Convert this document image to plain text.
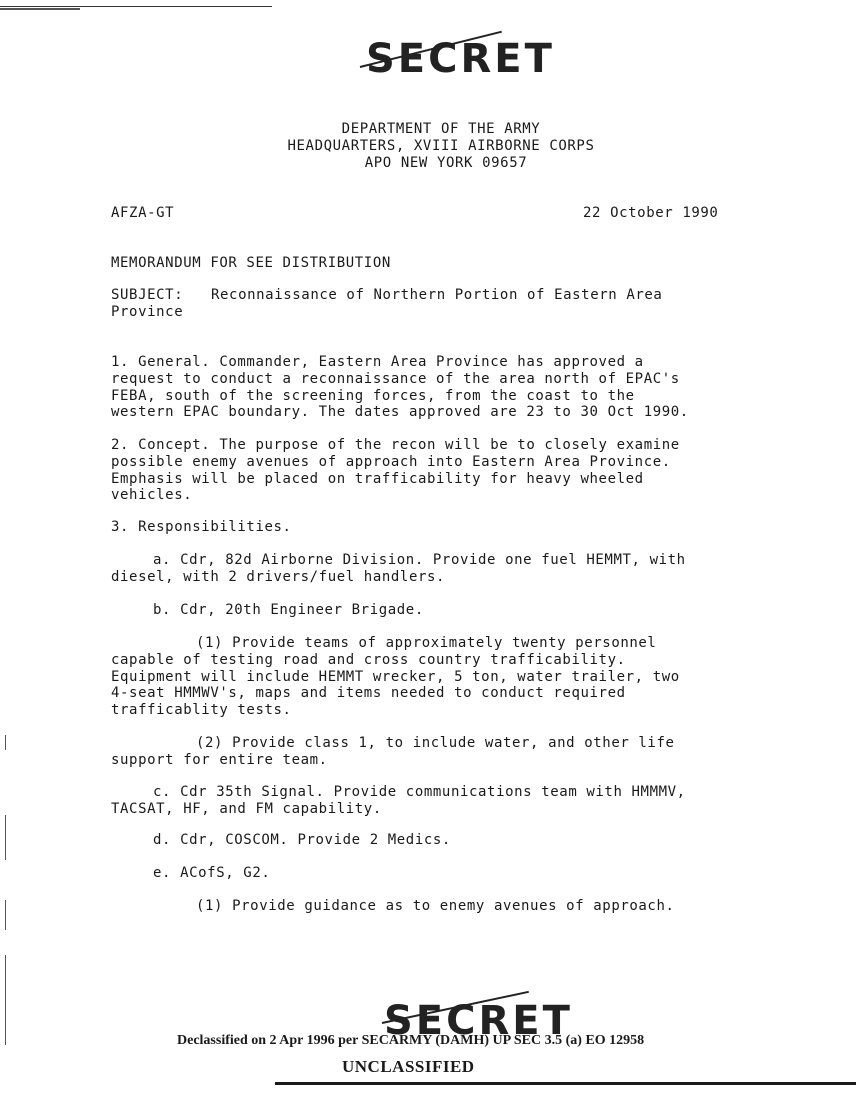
SECRET
DEPARTMENT OF THE ARMY
HEADQUARTERS, XVIII AIRBORNE CORPS
APO NEW YORK 09657
AFZA-GT	22 October 1990
MEMORANDUM FOR SEE DISTRIBUTION
SUBJECT: Reconnaissance of Northern Portion of Eastern Area
Province
1. General. Commander, Eastern Area Province has approved a
request to conduct a reconnaissance of the area north of EPAC's
FEBA, south of the screening forces, from the coast to the
western EPAC boundary. The dates approved are 23 to 30 Oct 1990.
2. Concept. The purpose of the recon will be to closely examine
possible enemy avenues of approach into Eastern Area Province.
Emphasis will be placed on trafficability for heavy wheeled
vehicles.
3. Responsibilities.
a. Cdr, 82d Airborne Division. Provide one fuel HEMMT, with
diesel, with 2 drivers/fuel handlers.
b. Cdr, 20th Engineer Brigade.
(1) Provide teams of approximately twenty personnel
capable of testing road and cross country trafficability.
Equipment will include HEMMT wrecker, 5 ton, water trailer, two
4-seat HMMWV's, maps and items needed to conduct required
trafficablity tests.
(2) Provide class 1, to include water, and other life
support for entire team.
c. Cdr 35th Signal. Provide communications team with HMMMV,
TACSAT, HF, and FM capability.
d. Cdr, COSCOM. Provide 2 Medics.
e. ACofS, G2.
(1) Provide guidance as to enemy avenues of approach.
SECRET
Declassified on 2 Apr 1996 per SECARMY (DAMH) UP SEC 3.5 (a) EO 12958
UNCLASSIFIED
